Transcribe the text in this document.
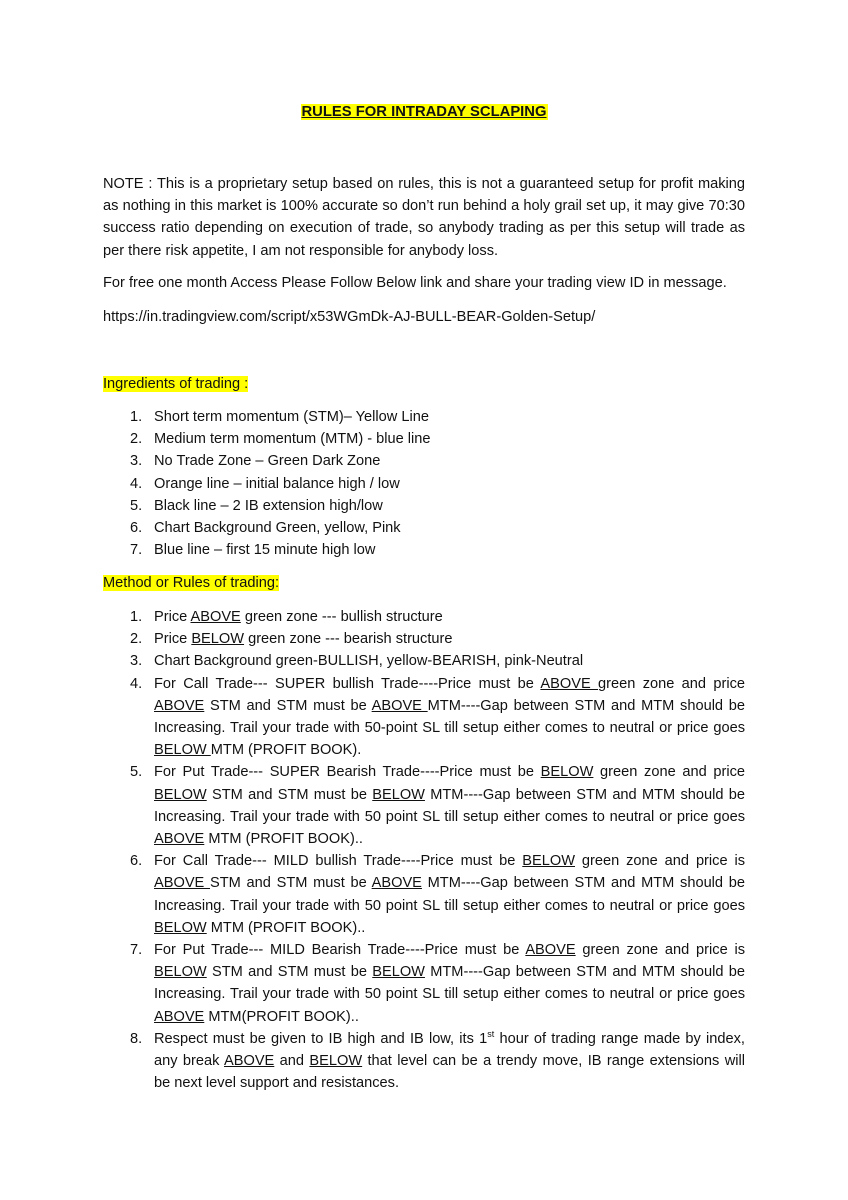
RULES FOR INTRADAY SCLAPING
NOTE : This is a proprietary setup based on rules, this is not a guaranteed setup for profit making as nothing in this market is 100% accurate so don’t run behind a holy grail set up, it may give 70:30 success ratio depending on execution of trade, so anybody trading as per this setup will trade as per there risk appetite, I am not responsible for anybody loss.
For free one month Access Please Follow Below link and share your trading view ID in message.
https://in.tradingview.com/script/x53WGmDk-AJ-BULL-BEAR-Golden-Setup/
Ingredients of trading :
1. Short term momentum (STM)– Yellow Line
2. Medium term momentum (MTM) - blue line
3. No Trade Zone – Green Dark Zone
4. Orange line – initial balance high / low
5. Black line – 2 IB extension high/low
6. Chart Background Green, yellow, Pink
7. Blue line – first 15 minute high low
Method or Rules of trading:
1. Price ABOVE green zone --- bullish structure
2. Price BELOW green zone --- bearish structure
3. Chart Background green-BULLISH, yellow-BEARISH, pink-Neutral
4. For Call Trade--- SUPER bullish Trade----Price must be ABOVE green zone and price ABOVE STM and STM must be ABOVE MTM----Gap between STM and MTM should be Increasing. Trail your trade with 50-point SL till setup either comes to neutral or price goes BELOW MTM (PROFIT BOOK).
5. For Put Trade--- SUPER Bearish Trade----Price must be BELOW green zone and price BELOW STM and STM must be BELOW MTM----Gap between STM and MTM should be Increasing. Trail your trade with 50 point SL till setup either comes to neutral or price goes ABOVE MTM (PROFIT BOOK)..
6. For Call Trade--- MILD bullish Trade----Price must be BELOW green zone and price is ABOVE STM and STM must be ABOVE MTM----Gap between STM and MTM should be Increasing. Trail your trade with 50 point SL till setup either comes to neutral or price goes BELOW MTM (PROFIT BOOK)..
7. For Put Trade--- MILD Bearish Trade----Price must be ABOVE green zone and price is BELOW STM and STM must be BELOW MTM----Gap between STM and MTM should be Increasing. Trail your trade with 50 point SL till setup either comes to neutral or price goes ABOVE MTM(PROFIT BOOK)..
8. Respect must be given to IB high and IB low, its 1st hour of trading range made by index, any break ABOVE and BELOW that level can be a trendy move, IB range extensions will be next level support and resistances.
